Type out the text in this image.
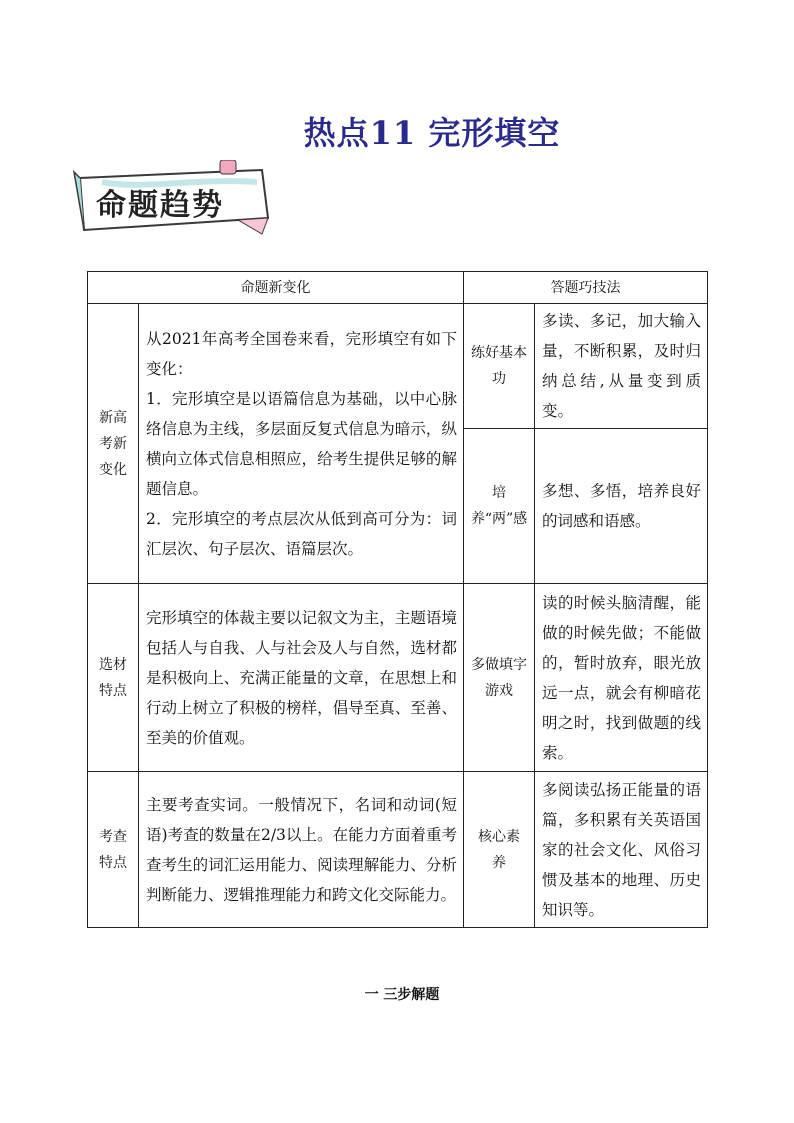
热点11 完形填空
命题趋势
命题新变化		答题巧技法	

新高考新变化	从2021年高考全国卷来看，完形填空有如下变化：
1．完形填空是以语篇信息为基础，以中心脉络信息为主线，多层面反复式信息为暗示，纵横向立体式信息相照应，给考生提供足够的解题信息。
2．完形填空的考点层次从低到高可分为：词汇层次、句子层次、语篇层次。	练好基本功	多读、多记，加大输入量，不断积累，及时归纳总结,从量变到质变。

		培养“两”感	多想、多悟，培养良好的词感和语感。

选材特点	完形填空的体裁主要以记叙文为主，主题语境包括人与自我、人与社会及人与自然，选材都是积极向上、充满正能量的文章，在思想上和行动上树立了积极的榜样，倡导至真、至善、至美的价值观。	多做填字游戏	读的时候头脑清醒，能做的时候先做；不能做的，暂时放弃，眼光放远一点，就会有柳暗花明之时，找到做题的线索。

考查特点	主要考查实词。一般情况下，名词和动词(短语)考查的数量在2/3以上。在能力方面着重考查考生的词汇运用能力、阅读理解能力、分析判断能力、逻辑推理能力和跨文化交际能力。	核心素养	多阅读弘扬正能量的语篇，多积累有关英语国家的社会文化、风俗习惯及基本的地理、历史知识等。
一 三步解题
